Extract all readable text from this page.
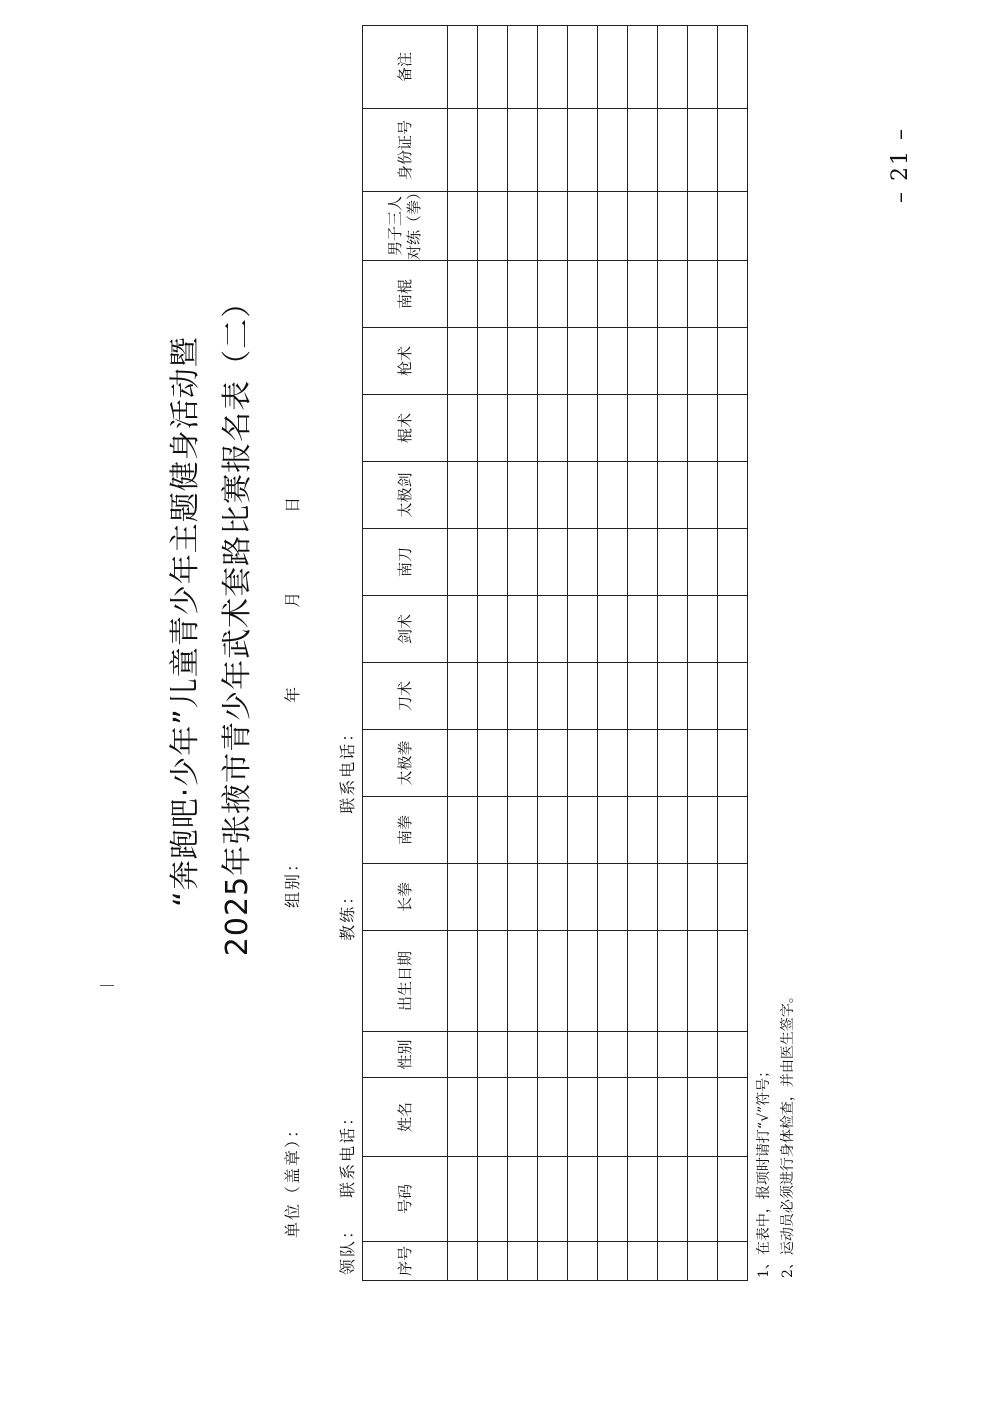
“奔跑吧·少年”儿童青少年主题健身活动暨 2025年张掖市青少年武术套路比赛报名表（二）
单位（盖章）：
组别：
年 月 日
领队： 联系电话： 教练： 联系电话：
序号	号码	姓名	性别	出生日期	长拳	南拳	太极拳	刀术	剑术	南刀	太极剑	棍术	枪术	南棍	男子三人对练（拳）	身份证号	备注

1、在表中，报项时请打“√”符号； 2、运动员必须进行身体检查，并由医生签字。
– 21 –
